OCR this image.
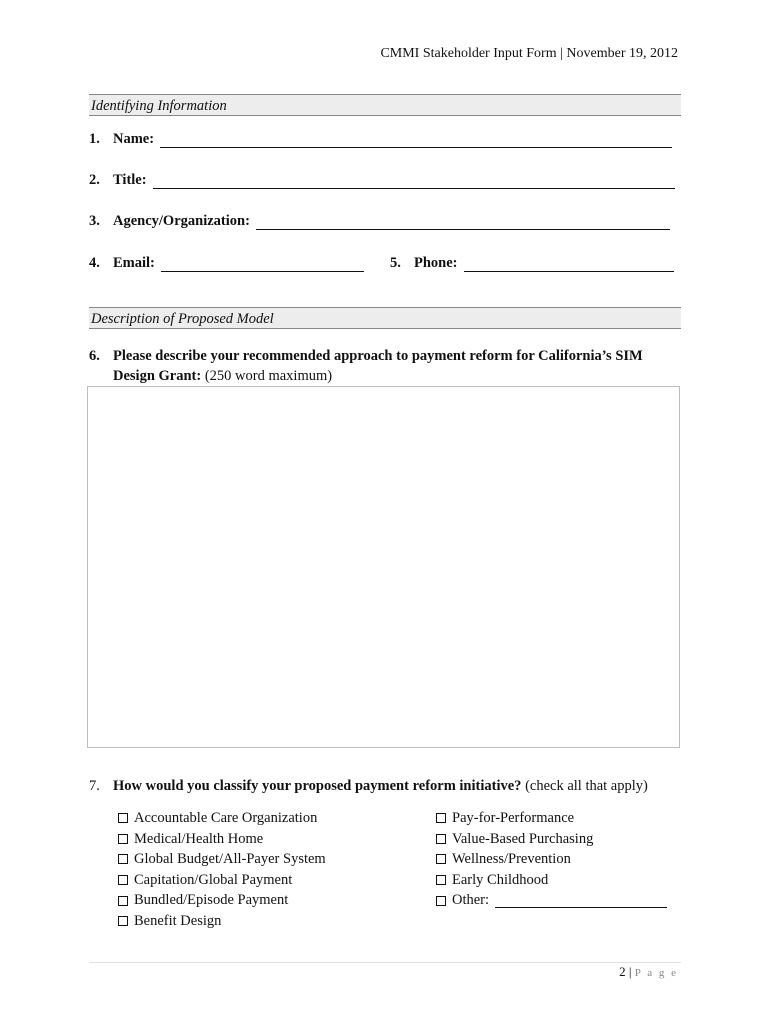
CMMI Stakeholder Input Form | November 19, 2012
Identifying Information
1. Name:
2. Title:
3. Agency/Organization:
4. Email:	5. Phone:
Description of Proposed Model
6. Please describe your recommended approach to payment reform for California’s SIM
Design Grant: (250 word maximum)
7. How would you classify your proposed payment reform initiative? (check all that apply)
Accountable Care Organization
Medical/Health Home
Global Budget/All-Payer System
Capitation/Global Payment
Bundled/Episode Payment
Benefit Design
Pay-for-Performance
Value-Based Purchasing
Wellness/Prevention
Early Childhood
Other:
2 | P a g e
